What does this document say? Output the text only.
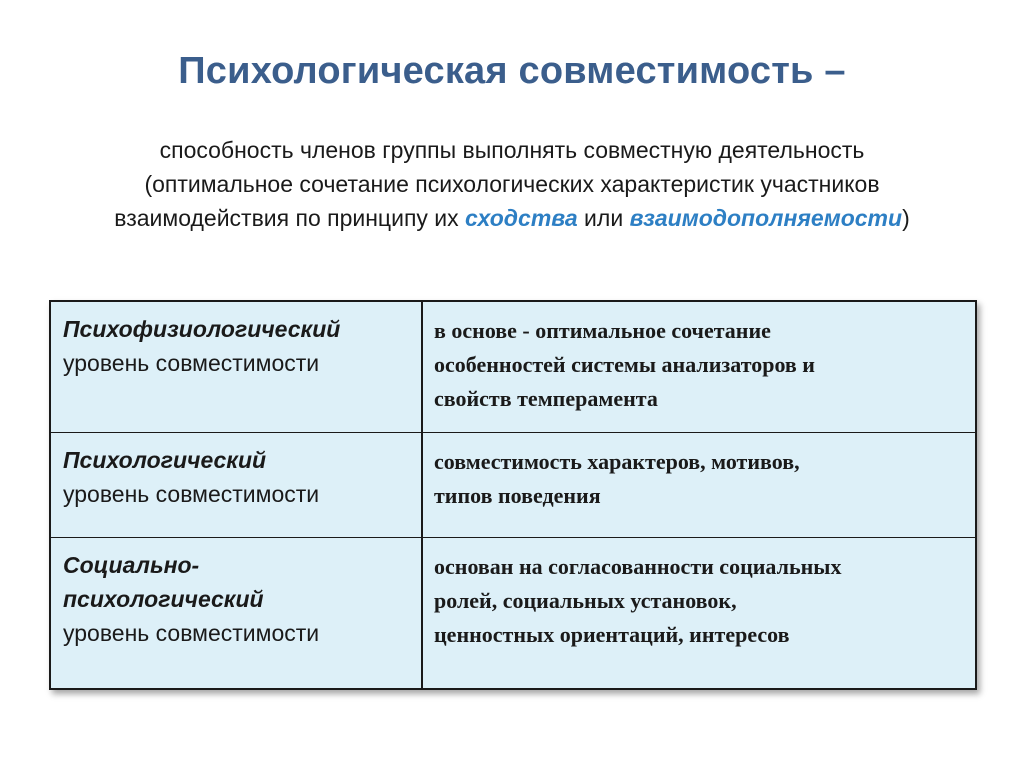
Психологическая совместимость –
способность членов группы выполнять совместную деятельность
(оптимальное сочетание психологических характеристик участников
взаимодействия по принципу их сходства или взаимодополняемости)
Психофизиологический
уровень совместимости
в основе - оптимальное сочетание
особенностей системы анализаторов и
свойств темперамента
Психологический
уровень совместимости
совместимость характеров, мотивов,
типов поведения
Социально-
психологический
уровень совместимости
основан на согласованности социальных
ролей, социальных установок,
ценностных ориентаций, интересов
